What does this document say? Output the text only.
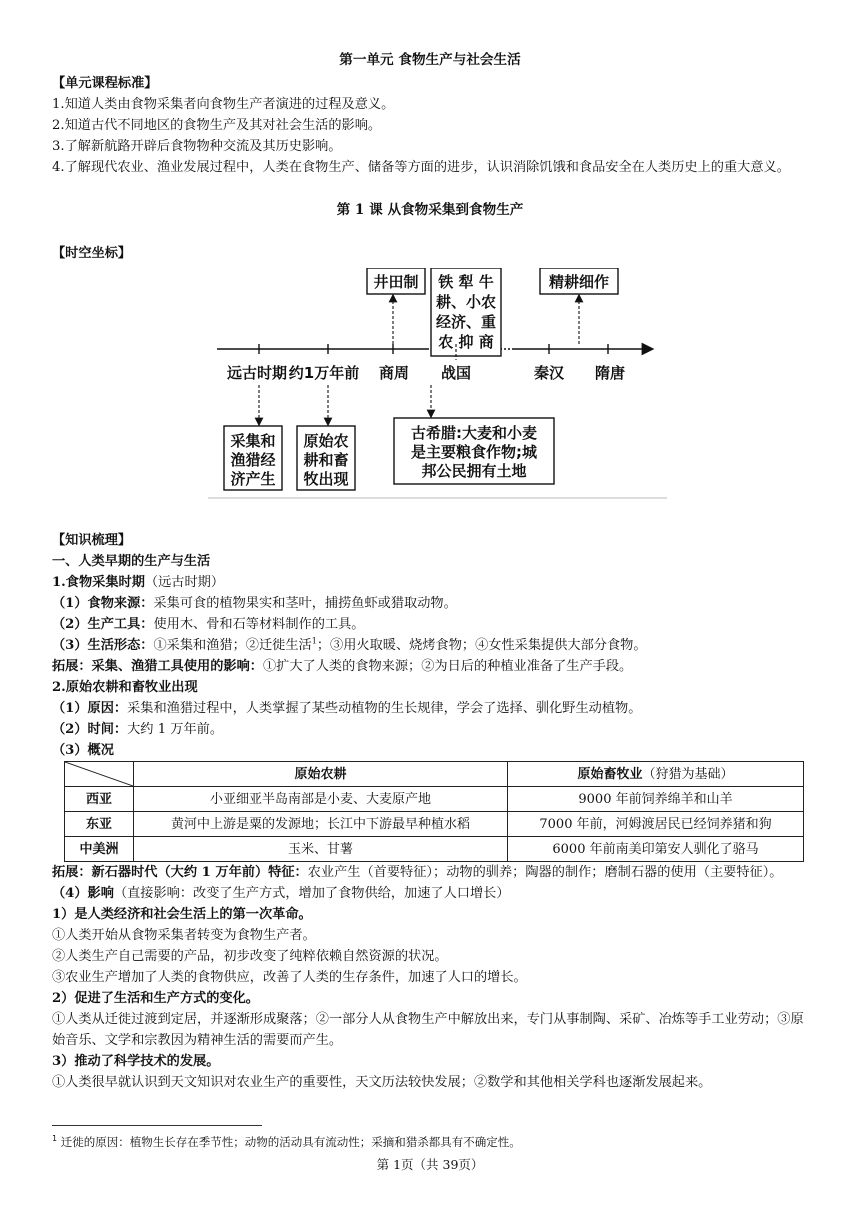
第一单元 食物生产与社会生活

【单元课程标准】

1.知道人类由食物采集者向食物生产者演进的过程及意义。

2.知道古代不同地区的食物生产及其对社会生活的影响。

3.了解新航路开辟后食物物种交流及其历史影响。

4.了解现代农业、渔业发展过程中，人类在食物生产、储备等方面的进步，认识消除饥饿和食品安全在人类历史上的重大意义。

第 1 课 从食物采集到食物生产

【时空坐标】

远古时期 约1万年前 商周 战国	秦汉 隋唐
井田制 铁 犁 牛
耕、小农
经济、重
农 抑 商
精耕细作
采集和
渔猎经
济产生
原始农
耕和畜
牧出现
古希腊:大麦和小麦
是主要粮食作物;城
邦公民拥有土地

【知识梳理】

一、人类早期的生产与生活

1.食物采集时期（远古时期）

（1）食物来源：采集可食的植物果实和茎叶，捕捞鱼虾或猎取动物。

（2）生产工具：使用木、骨和石等材料制作的工具。

（3）生活形态：①采集和渔猎；②迁徙生活$^1$；③用火取暖、烧烤食物；④女性采集提供大部分食物。

拓展：采集、渔猎工具使用的影响：①扩大了人类的食物来源；②为日后的种植业准备了生产手段。

2.原始农耕和畜牧业出现

（1）原因：采集和渔猎过程中，人类掌握了某些动植物的生长规律，学会了选择、驯化野生动植物。

（2）时间：大约 1 万年前。

（3）概况

	原始农耕	原始畜牧业（狩猎为基础）
西亚	小亚细亚半岛南部是小麦、大麦原产地	9000 年前饲养绵羊和山羊
东亚	黄河中上游是粟的发源地；长江中下游最早种植水稻	7000 年前，河姆渡居民已经饲养猪和狗
中美洲	玉米、甘薯	6000 年前南美印第安人驯化了骆马

拓展：新石器时代（大约 1 万年前）特征：农业产生（首要特征）；动物的驯养；陶器的制作；磨制石器的使用（主要特征）。

（4）影响（直接影响：改变了生产方式，增加了食物供给，加速了人口增长）

1）是人类经济和社会生活上的第一次革命。

①人类开始从食物采集者转变为食物生产者。

②人类生产自己需要的产品，初步改变了纯粹依赖自然资源的状况。

③农业生产增加了人类的食物供应，改善了人类的生存条件，加速了人口的增长。

2）促进了生活和生产方式的变化。

①人类从迁徙过渡到定居，并逐渐形成聚落；②一部分人从食物生产中解放出来，专门从事制陶、采矿、冶炼等手工业劳动；③原始音乐、文学和宗教因为精神生活的需要而产生。

3）推动了科学技术的发展。

①人类很早就认识到天文知识对农业生产的重要性，天文历法较快发展；②数学和其他相关学科也逐渐发展起来。

$^1$ 迁徙的原因：植物生长存在季节性；动物的活动具有流动性；采摘和猎杀都具有不确定性。
第 1页（共 39页）
